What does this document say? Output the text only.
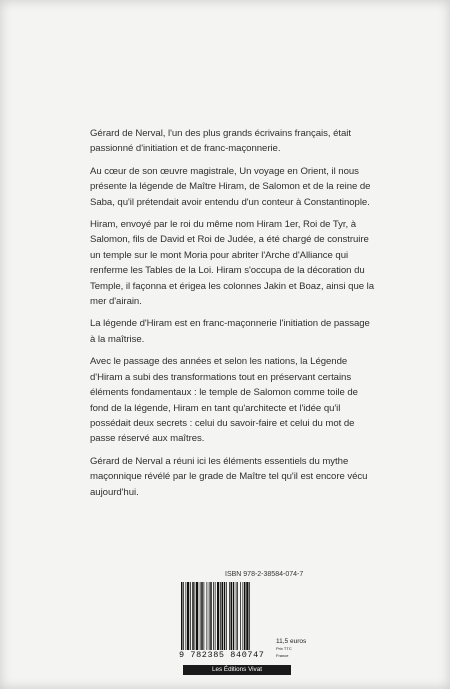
Gérard de Nerval, l'un des plus grands écrivains français, était passionné d'initiation et de franc-maçonnerie.

Au cœur de son œuvre magistrale, Un voyage en Orient, il nous présente la légende de Maître Hiram, de Salomon et de la reine de Saba, qu'il prétendait avoir entendu d'un conteur à Constantinople.

Hiram, envoyé par le roi du même nom Hiram 1er, Roi de Tyr, à Salomon, fils de David et Roi de Judée, a été chargé de construire un temple sur le mont Moria pour abriter l'Arche d'Alliance qui renferme les Tables de la Loi. Hiram s'occupa de la décoration du Temple, il façonna et érigea les colonnes Jakin et Boaz, ainsi que la mer d'airain.

La légende d'Hiram est en franc-maçonnerie l'initiation de passage à la maîtrise.

Avec le passage des années et selon les nations, la Légende d'Hiram a subi des transformations tout en préservant certains éléments fondamentaux : le temple de Salomon comme toile de fond de la légende, Hiram en tant qu'architecte et l'idée qu'il possédait deux secrets : celui du savoir-faire et celui du mot de passe réservé aux maîtres.

Gérard de Nerval a réuni ici les éléments essentiels du mythe maçonnique révélé par le grade de Maître tel qu'il est encore vécu aujourd'hui.

ISBN 978-2-38584-074-7
9 782385 840747
11,5 euros
Prix TTC
France
Les Éditions Vivat
